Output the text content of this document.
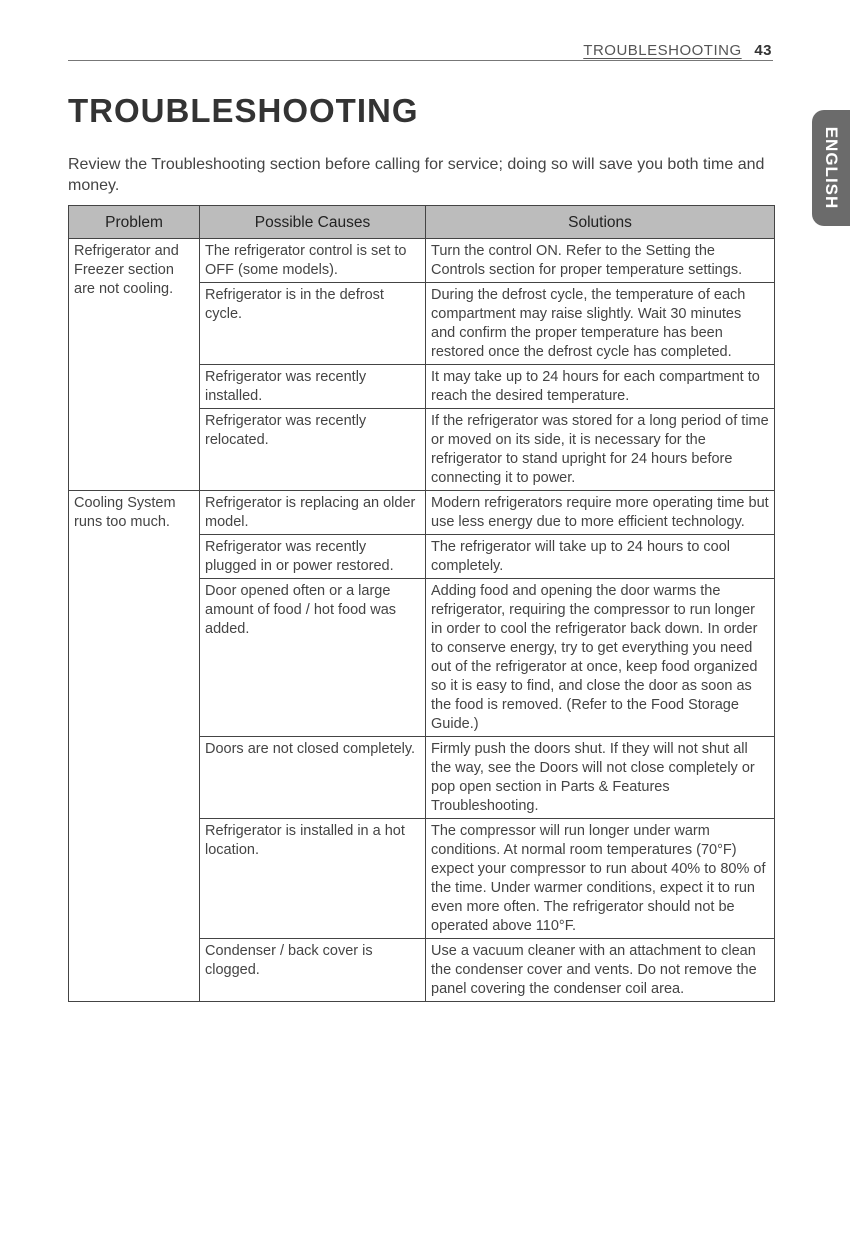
TROUBLESHOOTING 43
TROUBLESHOOTING

Review the Troubleshooting section before calling for service; doing so will save you both time and money.	ENGLISH
Problem	Possible Causes	Solutions
Refrigerator and Freezer section are not cooling.	The refrigerator control is set to OFF (some models).	Turn the control ON. Refer to the Setting the Controls section for proper temperature settings.
	Refrigerator is in the defrost cycle.	During the defrost cycle, the temperature of each compartment may raise slightly. Wait 30 minutes and confirm the proper temperature has been restored once the defrost cycle has completed.
	Refrigerator was recently installed.	It may take up to 24 hours for each compartment to reach the desired temperature.
	Refrigerator was recently relocated.	If the refrigerator was stored for a long period of time or moved on its side, it is necessary for the refrigerator to stand upright for 24 hours before connecting it to power.
Cooling System runs too much.	Refrigerator is replacing an older model.	Modern refrigerators require more operating time but use less energy due to more efficient technology.
	Refrigerator was recently plugged in or power restored.	The refrigerator will take up to 24 hours to cool completely.
	Door opened often or a large amount of food / hot food was added.	Adding food and opening the door warms the refrigerator, requiring the compressor to run longer in order to cool the refrigerator back down. In order to conserve energy, try to get everything you need out of the refrigerator at once, keep food organized so it is easy to find, and close the door as soon as the food is removed. (Refer to the Food Storage Guide.)
	Doors are not closed completely.	Firmly push the doors shut. If they will not shut all the way, see the Doors will not close completely or pop open section in Parts & Features Troubleshooting.
	Refrigerator is installed in a hot location.	The compressor will run longer under warm conditions. At normal room temperatures (70°F) expect your compressor to run about 40% to 80% of the time. Under warmer conditions, expect it to run even more often. The refrigerator should not be operated above 110°F.
	Condenser / back cover is clogged.	Use a vacuum cleaner with an attachment to clean the condenser cover and vents. Do not remove the panel covering the condenser coil area.
